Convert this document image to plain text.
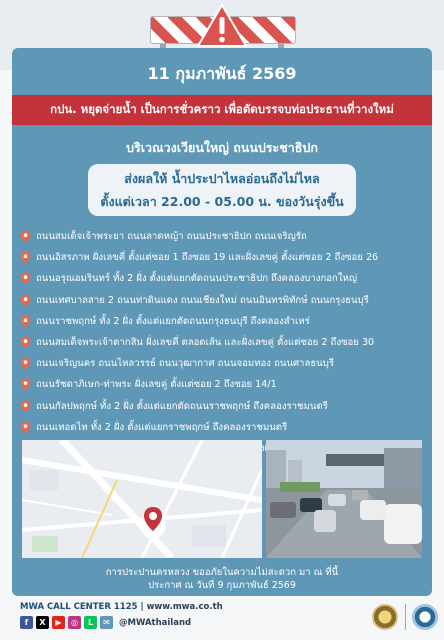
11 กุมภาพันธ์ 2569
กปน. หยุดจ่ายน้ำ เป็นการชั่วคราว เพื่อตัดบรรจบท่อประธานที่วางใหม่
บริเวณวงเวียนใหญ่ ถนนประชาธิปก
ส่งผลให้ น้ำประปาไหลอ่อนถึงไม่ไหล
ตั้งแต่เวลา 22.00 - 05.00 น. ของวันรุ่งขึ้น
ถนนสมเด็จเจ้าพระยา ถนนลาดหญ้า ถนนประชาธิปก ถนนเจริญรัถ
ถนนอิสรภาพ ฝั่งเลขคี่ ตั้งแต่ซอย 1 ถึงซอย 19 และฝั่งเลขคู่ ตั้งแต่ซอย 2 ถึงซอย 26
ถนนอรุณอมรินทร์ ทั้ง 2 ฝั่ง ตั้งแต่แยกตัดถนนประชาธิปก ถึงคลองบางกอกใหญ่
ถนนเทศบาลสาย 2 ถนนท่าดินแดง ถนนเชียงใหม่ ถนนอินทรพิทักษ์ ถนนกรุงธนบุรี
ถนนราชพฤกษ์ ทั้ง 2 ฝั่ง ตั้งแต่แยกตัดถนนกรุงธนบุรี ถึงคลองสำเหร่
ถนนสมเด็จพระเจ้าตากสิน ฝั่งเลขคี่ ตลอดเส้น และฝั่งเลขคู่ ตั้งแต่ซอย 2 ถึงซอย 30
ถนนเจริญนคร ถนนไหลวรรธ์ ถนนวุฒากาศ ถนนจอมทอง ถนนศาลธนบุรี
ถนนรัชดาภิเษก-ท่าพระ ฝั่งเลขคู่ ตั้งแต่ซอย 2 ถึงซอย 14/1
ถนนกัลปพฤกษ์ ทั้ง 2 ฝั่ง ตั้งแต่แยกตัดถนนราชพฤกษ์ ถึงคลองราชมนตรี
ถนนเทอดไท ทั้ง 2 ฝั่ง ตั้งแต่แยกราชพฤกษ์ ถึงคลองราชมนตรี
การประปานครหลวง ขออภัยในความไม่สะดวก มา ณ ที่นี้
ประกาศ ณ วันที่ 9 กุมภาพันธ์ 2569
MWA CALL CENTER 1125 | www.mwa.co.th
f	X	▶	◎	L	✉	@MWAthailand
